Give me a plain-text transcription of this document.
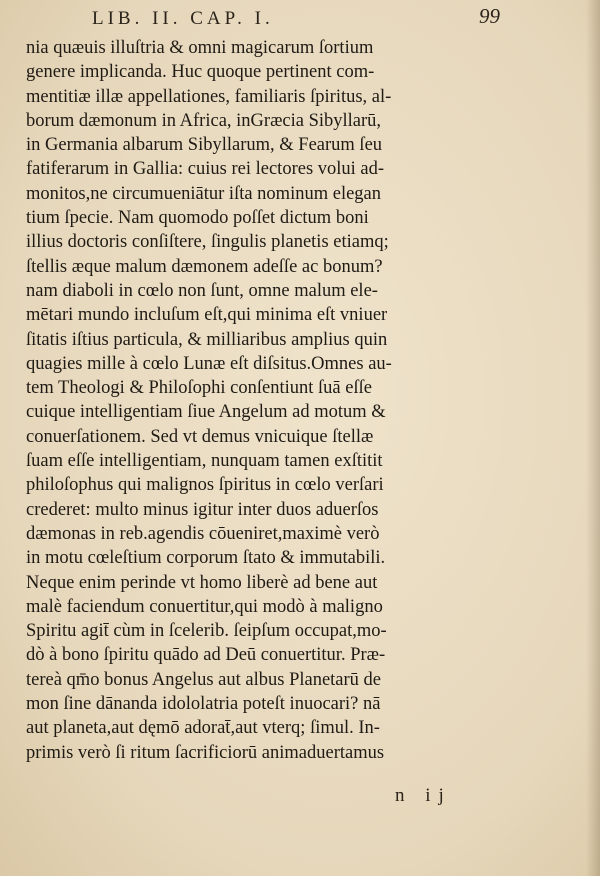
LIB. II. CAP. I.	99
nia quæuis illuſtria & omni magicarum ſortium
genere implicanda. Huc quoque pertinent com-
mentitiæ illæ appellationes, familiaris ſpiritus, al-
borum dæmonum in Africa, inGræcia Sibyllarū,
in Germania albarum Sibyllarum, & Fearum ſeu
fatiferarum in Gallia: cuius rei lectores volui ad-
monitos,ne circumueniātur iſta nominum elegan
tium ſpecie. Nam quomodo poſſet dictum boni
illius doctoris conſiſtere, ſingulis planetis etiamq;
ſtellis æque malum dæmonem adeſſe ac bonum?
nam diaboli in cœlo non ſunt, omne malum ele-
mētari mundo incluſum eſt,qui minima eſt vniuer
ſitatis iſtius particula, & milliaribus amplius quin
quagies mille à cœlo Lunæ eſt diſsitus.Omnes au-
tem Theologi & Philoſophi conſentiunt ſuā eſſe
cuique intelligentiam ſiue Angelum ad motum &
conuerſationem. Sed vt demus vnicuique ſtellæ
ſuam eſſe intelligentiam, nunquam tamen exſtitit
philoſophus qui malignos ſpiritus in cœlo verſari
crederet: multo minus igitur inter duos aduerſos
dæmonas in reb.agendis cōueniret,maximè verò
in motu cœleſtium corporum ſtato & immutabili.
Neque enim perinde vt homo liberè ad bene aut
malè faciendum conuertitur,qui modò à maligno
Spiritu agit̄ cùm in ſcelerib. ſeipſum occupat,mo-
dò à bono ſpiritu quādo ad Deū conuertitur. Præ-
tereà qm̄o bonus Angelus aut albus Planetarū de
mon ſine dānanda idololatria poteſt inuocari? nā
aut planeta,aut dęmō adorat̄,aut vterq; ſimul. In-
primis verò ſi ritum ſacrificiorū animaduertamus
n ij
